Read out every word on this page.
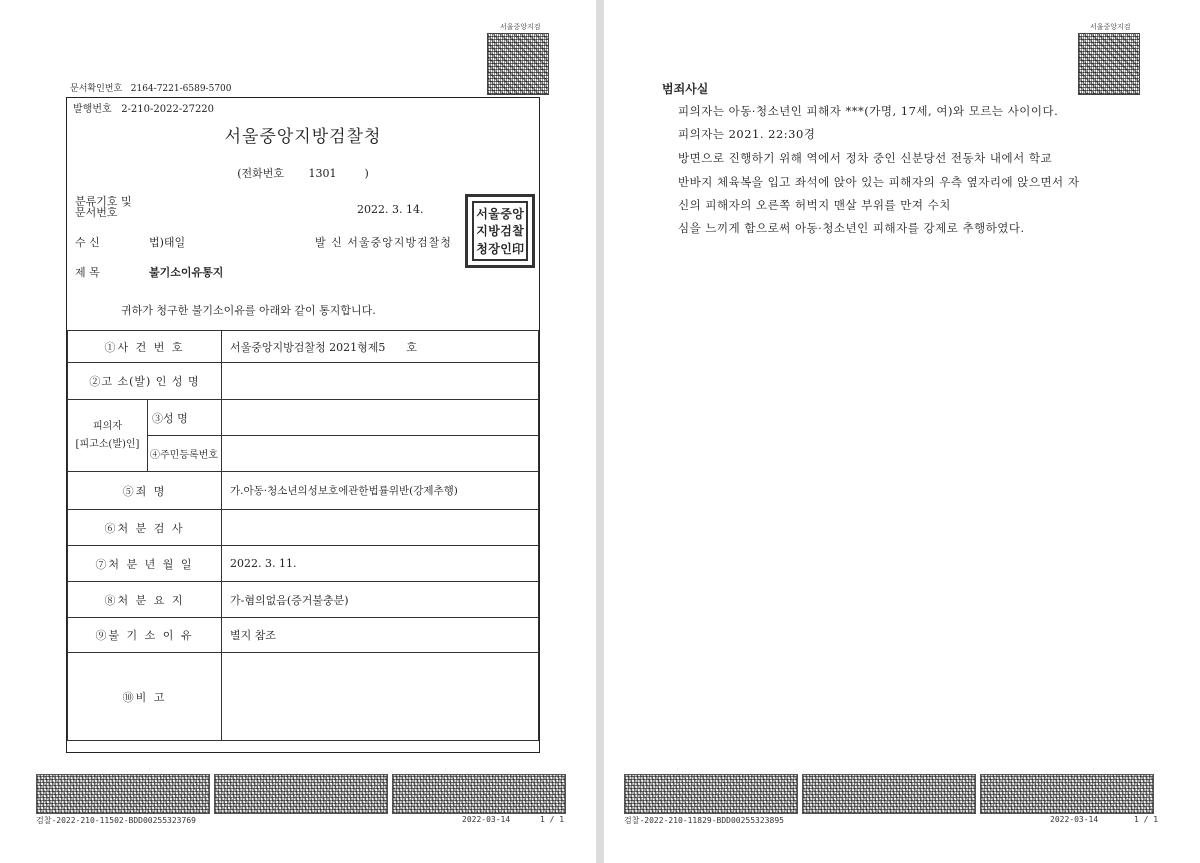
서울중앙지검
문서확인번호 2164-7221-6589-5700
발행번호 2-210-2022-27220
서울중앙지방검찰청
(전화번호 1301	)
분류기호 및
문서번호	2022. 3. 14.
수 신	법)태일	발 신 서울중앙지방검찰청
서 울 중 앙
지 방 검 찰
청 장 인 印
제 목	불기소이유통지
귀하가 청구한 불기소이유를 아래와 같이 통지합니다.
①사 건 번 호		서울중앙지방검찰청 2021형제5 호
②고 소(발) 인 성 명		

피의자
[피고소(발)인]	③성 명	
	④주민등록번호	
⑤죄 명		가.아동·청소년의성보호에관한법률위반(강제추행)
⑥처 분 검 사		
⑦처 분 년 월 일		2022. 3. 11.
⑧처 분 요 지		가-혐의없음(증거불충분)
⑨불 기 소 이 유		별지 참조
⑩비 고		
검찰-2022-210-11502-BDD00255323769	2022-03-14	1 / 1
서울중앙지검
범죄사실
피의자는 아동·청소년인 피해자 ***(가명, 17세, 여)와 모르는 사이이다.
피의자는 2021. 22:30경
방면으로 진행하기 위해 역에서 정차 중인 신분당선 전동차 내에서 학교
반바지 체육복을 입고 좌석에 앉아 있는 피해자의 우측 옆자리에 앉으면서 자
신의 피해자의 오른쪽 허벅지 맨살 부위를 만져 수치
심을 느끼게 함으로써 아동·청소년인 피해자를 강제로 추행하였다.
검찰-2022-210-11829-BDD00255323895	2022-03-14	1 / 1
